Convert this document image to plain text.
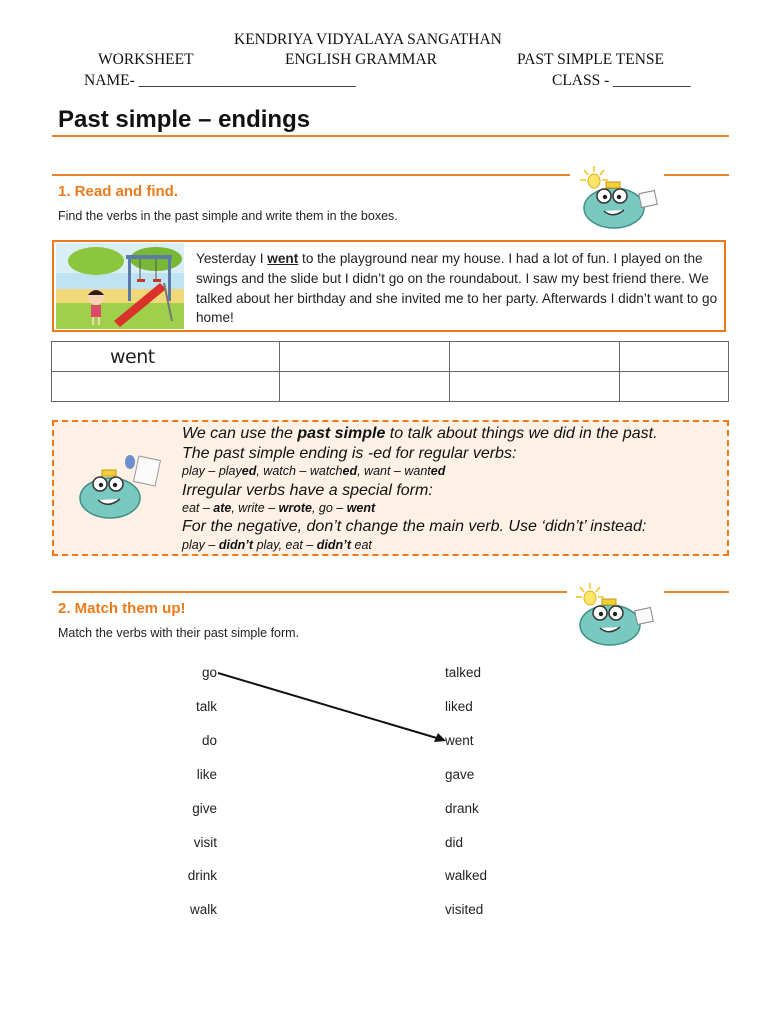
KENDRIYA VIDYALAYA SANGATHAN
WORKSHEET	ENGLISH GRAMMAR	PAST SIMPLE TENSE
NAME- ____________________________	CLASS - __________
Past simple – endings
1. Read and find.
Find the verbs in the past simple and write them in the boxes.
Yesterday I went to the playground near my house. I had a lot of fun. I played on the swings and the slide but I didn’t go on the roundabout. I saw my best friend there. We talked about her birthday and she invited me to her party. Afterwards I didn’t want to go home!
went			

We can use the past simple to talk about things we did in the past.
The past simple ending is -ed for regular verbs:
play – played, watch – watched, want – wanted
Irregular verbs have a special form:
eat – ate, write – wrote, go – went
For the negative, don’t change the main verb. Use ‘didn’t’ instead:
play – didn’t play, eat – didn’t eat
2. Match them up!
Match the verbs with their past simple form.
go
talk
do
like
give
visit
drink
walk
talked
liked
went
gave
drank
did
walked
visited
